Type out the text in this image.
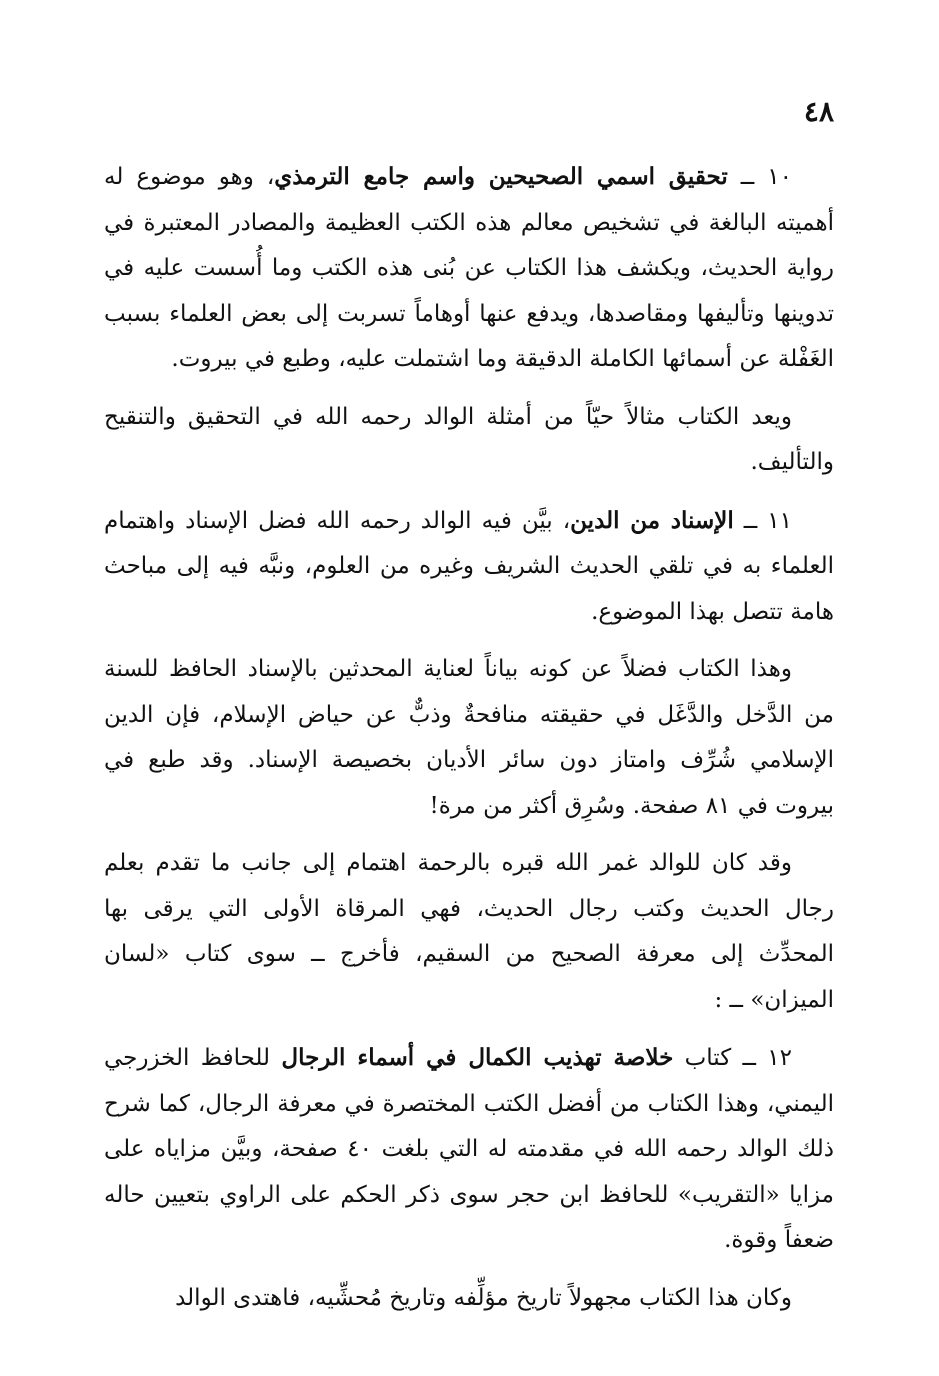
٤٨

١٠ ــ تحقيق اسمي الصحيحين واسم جامع الترمذي، وهو موضوع له أهميته البالغة في تشخيص معالم هذه الكتب العظيمة والمصادر المعتبرة في رواية الحديث، ويكشف هذا الكتاب عن بُنى هذه الكتب وما أُسست عليه في تدوينها وتأليفها ومقاصدها، ويدفع عنها أوهاماً تسربت إلى بعض العلماء بسبب الغَفْلة عن أسمائها الكاملة الدقيقة وما اشتملت عليه، وطبع في بيروت.

ويعد الكتاب مثالاً حيّاً من أمثلة الوالد رحمه الله في التحقيق والتنقيح والتأليف.

١١ ــ الإسناد من الدين، بيَّن فيه الوالد رحمه الله فضل الإسناد واهتمام العلماء به في تلقي الحديث الشريف وغيره من العلوم، ونبَّه فيه إلى مباحث هامة تتصل بهذا الموضوع.

وهذا الكتاب فضلاً عن كونه بياناً لعناية المحدثين بالإسناد الحافظ للسنة من الدَّخل والدَّغَل في حقيقته منافحةٌ وذبٌّ عن حياض الإسلام، فإن الدين الإسلامي شُرِّف وامتاز دون سائر الأديان بخصيصة الإسناد. وقد طبع في بيروت في ٨١ صفحة. وسُرِق أكثر من مرة!

وقد كان للوالد غمر الله قبره بالرحمة اهتمام إلى جانب ما تقدم بعلم رجال الحديث وكتب رجال الحديث، فهي المرقاة الأولى التي يرقى بها المحدِّث إلى معرفة الصحيح من السقيم، فأخرج ــ سوى كتاب «لسان الميزان» ــ :

١٢ ــ كتاب خلاصة تهذيب الكمال في أسماء الرجال للحافظ الخزرجي اليمني، وهذا الكتاب من أفضل الكتب المختصرة في معرفة الرجال، كما شرح ذلك الوالد رحمه الله في مقدمته له التي بلغت ٤٠ صفحة، وبيَّن مزاياه على مزايا «التقريب» للحافظ ابن حجر سوى ذكر الحكم على الراوي بتعيين حاله ضعفاً وقوة.

وكان هذا الكتاب مجهولاً تاريخ مؤلِّفه وتاريخ مُحشِّيه، فاهتدى الوالد
